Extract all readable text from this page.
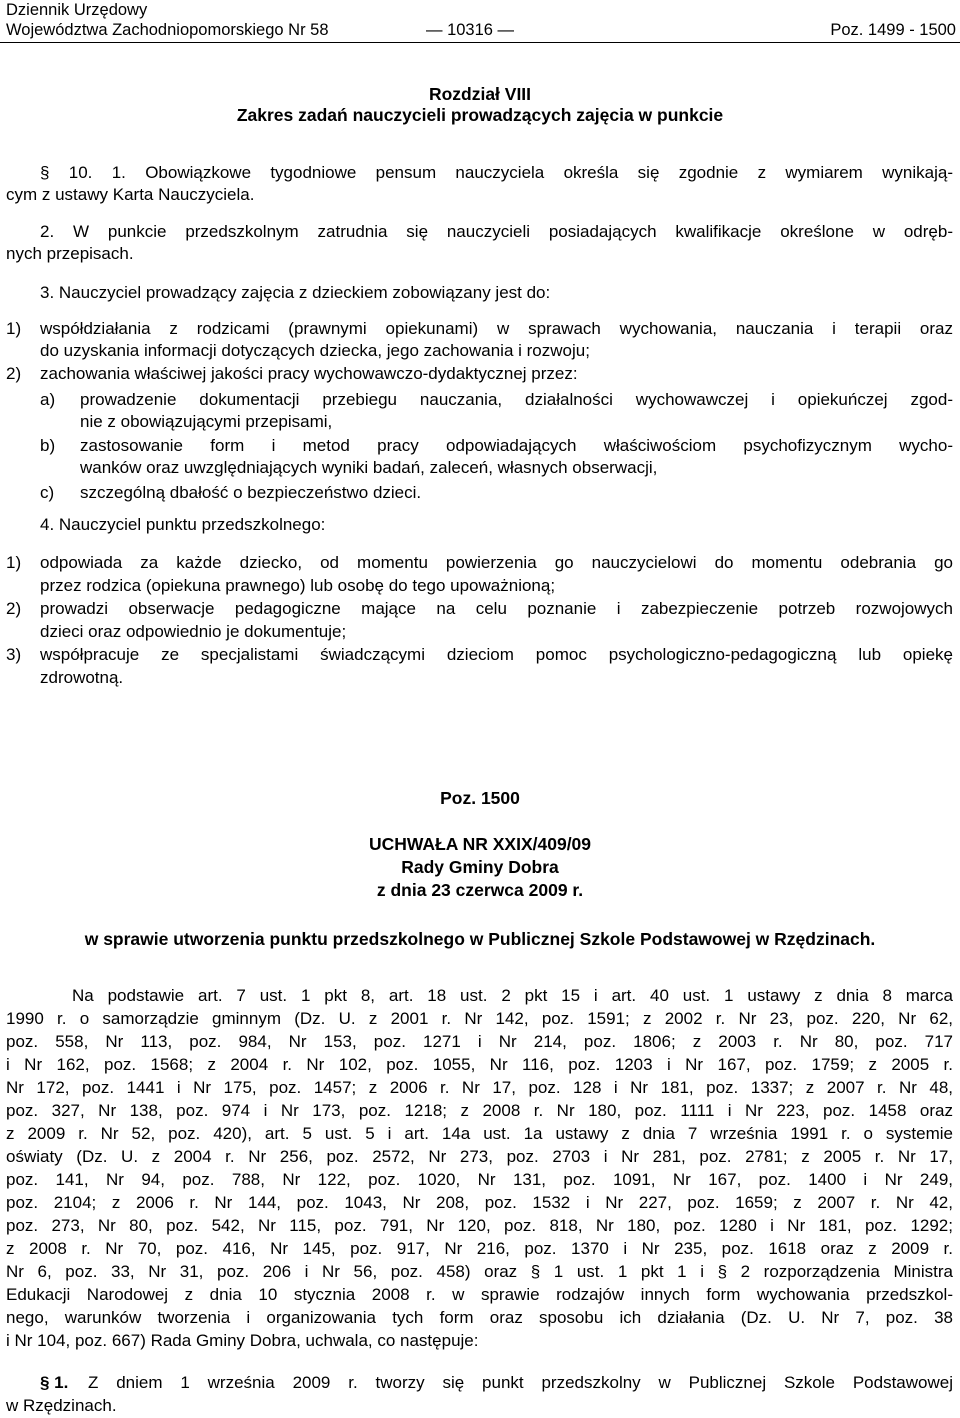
Dziennik Urzędowy
Województwa Zachodniopomorskiego Nr 58	Poz. 1499 - 1500
— 10316 —
Rozdział VIII
Zakres zadań nauczycieli prowadzących zajęcia w punkcie
§ 10. 1. Obowiązkowe tygodniowe pensum nauczyciela określa się zgodnie z wymiarem wynikają-
cym z ustawy Karta Nauczyciela.
2. W punkcie przedszkolnym zatrudnia się nauczycieli posiadających kwalifikacje określone w odręb-
nych przepisach.
3. Nauczyciel prowadzący zajęcia z dzieckiem zobowiązany jest do:
1) współdziałania z rodzicami (prawnymi opiekunami) w sprawach wychowania, nauczania i terapii oraz
do uzyskania informacji dotyczących dziecka, jego zachowania i rozwoju;
2) zachowania właściwej jakości pracy wychowawczo-dydaktycznej przez:
a) prowadzenie dokumentacji przebiegu nauczania, działalności wychowawczej i opiekuńczej zgod-
nie z obowiązującymi przepisami,
b) zastosowanie form i metod pracy odpowiadających właściwościom psychofizycznym wycho-
wanków oraz uwzględniających wyniki badań, zaleceń, własnych obserwacji,
c) szczególną dbałość o bezpieczeństwo dzieci.
4. Nauczyciel punktu przedszkolnego:
1) odpowiada za każde dziecko, od momentu powierzenia go nauczycielowi do momentu odebrania go
przez rodzica (opiekuna prawnego) lub osobę do tego upoważnioną;
2) prowadzi obserwacje pedagogiczne mające na celu poznanie i zabezpieczenie potrzeb rozwojowych
dzieci oraz odpowiednio je dokumentuje;
3) współpracuje ze specjalistami świadczącymi dzieciom pomoc psychologiczno-pedagogiczną lub opiekę
zdrowotną.
Poz. 1500
UCHWAŁA NR XXIX/409/09
Rady Gminy Dobra
z dnia 23 czerwca 2009 r.
w sprawie utworzenia punktu przedszkolnego w Publicznej Szkole Podstawowej w Rzędzinach.
Na podstawie art. 7 ust. 1 pkt 8, art. 18 ust. 2 pkt 15 i art. 40 ust. 1 ustawy z dnia 8 marca
1990 r. o samorządzie gminnym (Dz. U. z 2001 r. Nr 142, poz. 1591; z 2002 r. Nr 23, poz. 220, Nr 62,
poz. 558, Nr 113, poz. 984, Nr 153, poz. 1271 i Nr 214, poz. 1806; z 2003 r. Nr 80, poz. 717
i Nr 162, poz. 1568; z 2004 r. Nr 102, poz. 1055, Nr 116, poz. 1203 i Nr 167, poz. 1759; z 2005 r.
Nr 172, poz. 1441 i Nr 175, poz. 1457; z 2006 r. Nr 17, poz. 128 i Nr 181, poz. 1337; z 2007 r. Nr 48,
poz. 327, Nr 138, poz. 974 i Nr 173, poz. 1218; z 2008 r. Nr 180, poz. 1111 i Nr 223, poz. 1458 oraz
z 2009 r. Nr 52, poz. 420), art. 5 ust. 5 i art. 14a ust. 1a ustawy z dnia 7 września 1991 r. o systemie
oświaty (Dz. U. z 2004 r. Nr 256, poz. 2572, Nr 273, poz. 2703 i Nr 281, poz. 2781; z 2005 r. Nr 17,
poz. 141, Nr 94, poz. 788, Nr 122, poz. 1020, Nr 131, poz. 1091, Nr 167, poz. 1400 i Nr 249,
poz. 2104; z 2006 r. Nr 144, poz. 1043, Nr 208, poz. 1532 i Nr 227, poz. 1659; z 2007 r. Nr 42,
poz. 273, Nr 80, poz. 542, Nr 115, poz. 791, Nr 120, poz. 818, Nr 180, poz. 1280 i Nr 181, poz. 1292;
z 2008 r. Nr 70, poz. 416, Nr 145, poz. 917, Nr 216, poz. 1370 i Nr 235, poz. 1618 oraz z 2009 r.
Nr 6, poz. 33, Nr 31, poz. 206 i Nr 56, poz. 458) oraz § 1 ust. 1 pkt 1 i § 2 rozporządzenia Ministra
Edukacji Narodowej z dnia 10 stycznia 2008 r. w sprawie rodzajów innych form wychowania przedszkol-
nego, warunków tworzenia i organizowania tych form oraz sposobu ich działania (Dz. U. Nr 7, poz. 38
i Nr 104, poz. 667) Rada Gminy Dobra, uchwala, co następuje:
§ 1. Z dniem 1 września 2009 r. tworzy się punkt przedszkolny w Publicznej Szkole Podstawowej
w Rzędzinach.
